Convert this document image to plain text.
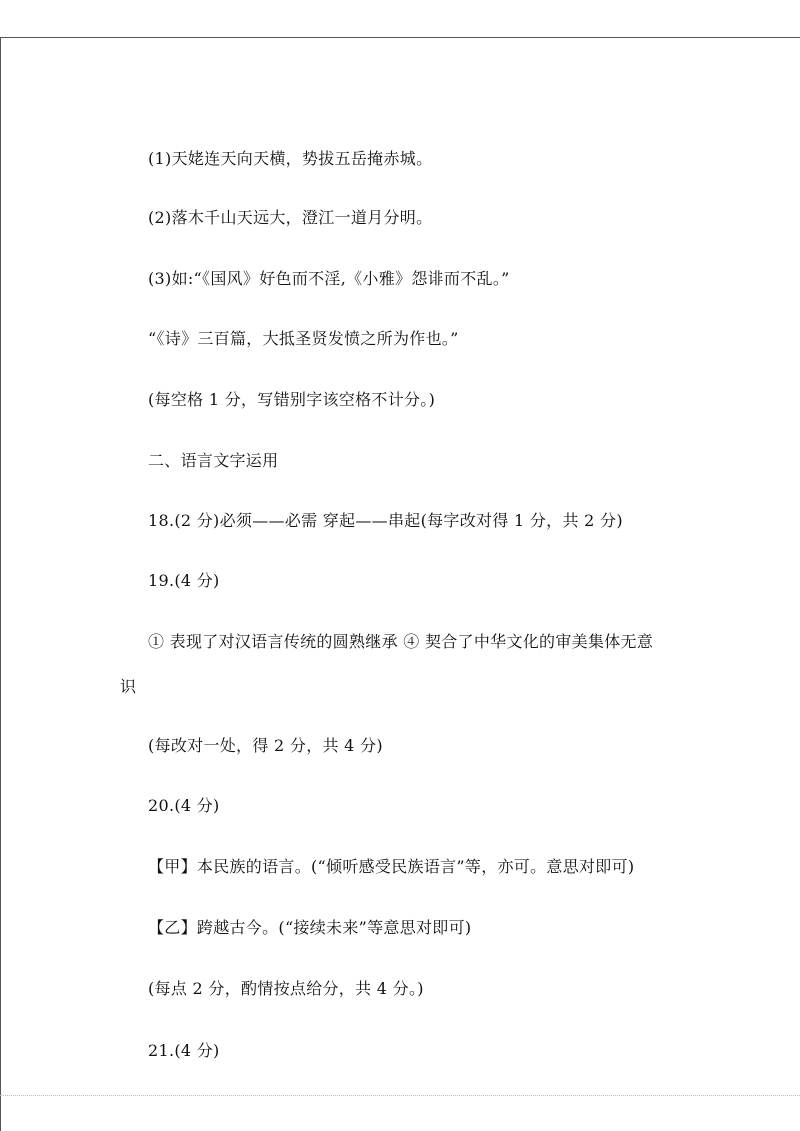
(1)天姥连天向天横，势拔五岳掩赤城。

(2)落木千山天远大，澄江一道月分明。

(3)如:“《国风》好色而不淫,《小雅》怨诽而不乱。”

“《诗》三百篇，大抵圣贤发愤之所为作也。”

(每空格 1 分，写错别字该空格不计分。)

二、语言文字运用

18.(2 分)必须——必需 穿起——串起(每字改对得 1 分，共 2 分)

19.(4 分)

① 表现了对汉语言传统的圆熟继承 ④ 契合了中华文化的审美集体无意

识

(每改对一处，得 2 分，共 4 分)

20.(4 分)

【甲】本民族的语言。(“倾听感受民族语言”等，亦可。意思对即可)

【乙】跨越古今。(“接续未来”等意思对即可)

(每点 2 分，酌情按点给分，共 4 分。)

21.(4 分)
